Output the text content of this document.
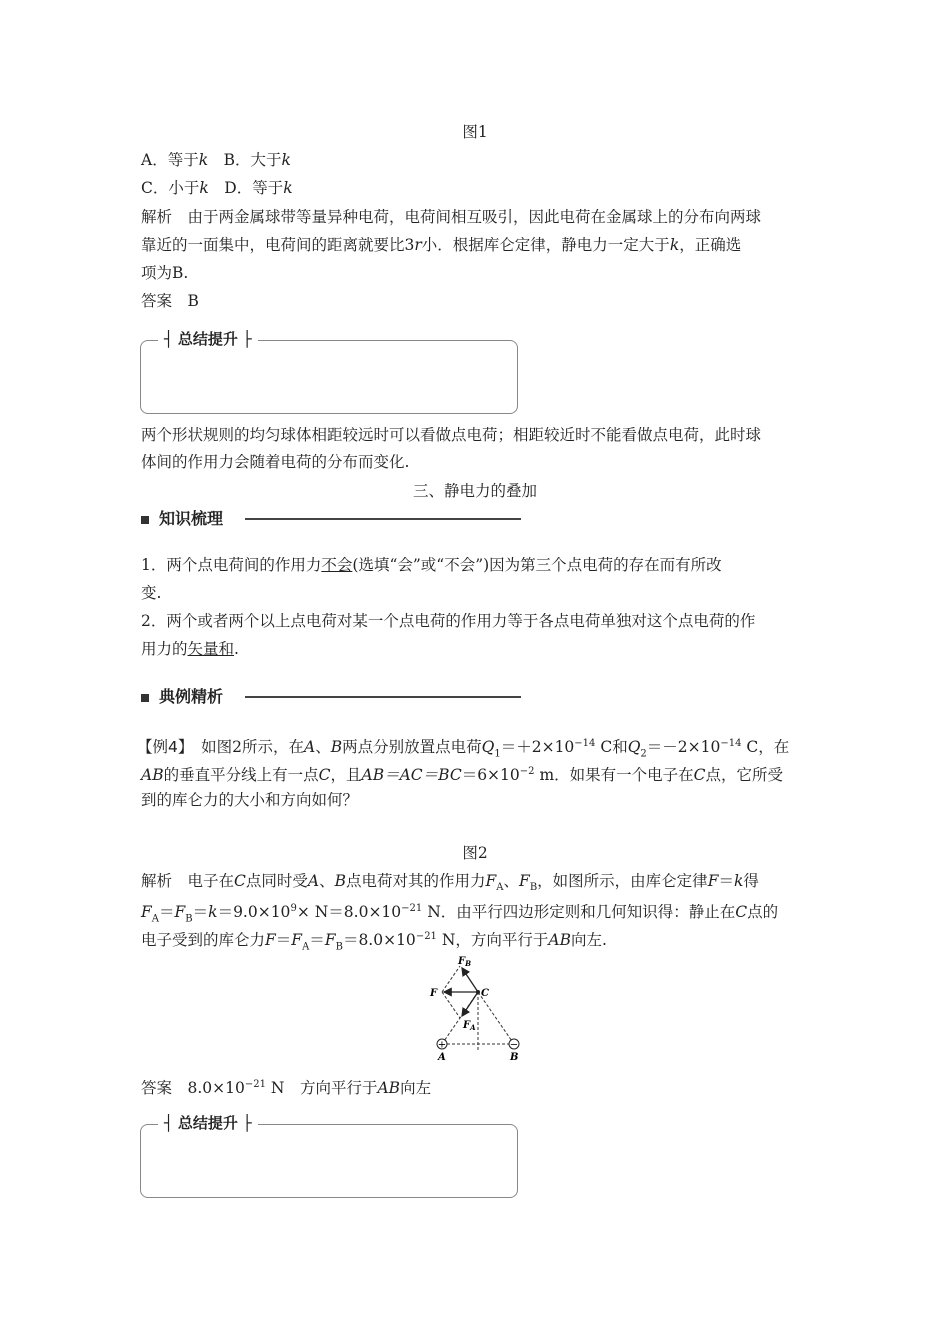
图1
A．等于k　B．大于k
C．小于k　D．等于k
解析　由于两金属球带等量异种电荷，电荷间相互吸引，因此电荷在金属球上的分布向两球
靠近的一面集中，电荷间的距离就要比3r小．根据库仑定律，静电力一定大于k，正确选
项为B.
答案　B
┤ 总结提升 ├
两个形状规则的均匀球体相距较远时可以看做点电荷；相距较近时不能看做点电荷，此时球
体间的作用力会随着电荷的分布而变化.
三、静电力的叠加
知识梳理
1．两个点电荷间的作用力不会(选填“会”或“不会”)因为第三个点电荷的存在而有所改
变.
2．两个或者两个以上点电荷对某一个点电荷的作用力等于各点电荷单独对这个点电荷的作
用力的矢量和.
典例精析
【例4】　如图2所示，在A、B两点分别放置点电荷$Q_1=+2\times 10^{-14}$ C和$Q_2=-2\times 10^{-14}$ C，在
AB的垂直平分线上有一点C，且$AB=AC=BC=6\times 10^{-2}$ m．如果有一个电子在C点，它所受
到的库仑力的大小和方向如何？
图2
解析　电子在C点同时受A、B点电荷对其的作用力$F_A$、$F_B$，如图所示，由库仑定律F＝k得
$F_A=F_B=k=9.0\times 10^9\times N=8.0\times 10^{-21}$ N．由平行四边形定则和几何知识得：静止在C点的
电子受到的库仑力$F=F_A=F_B=8.0\times 10^{-21}$ N，方向平行于AB向左.
+	−
$F_B$
F	C
$F_A$
A	B
答案　$8.0\times 10^{-21}$ N　方向平行于AB向左
┤ 总结提升 ├
